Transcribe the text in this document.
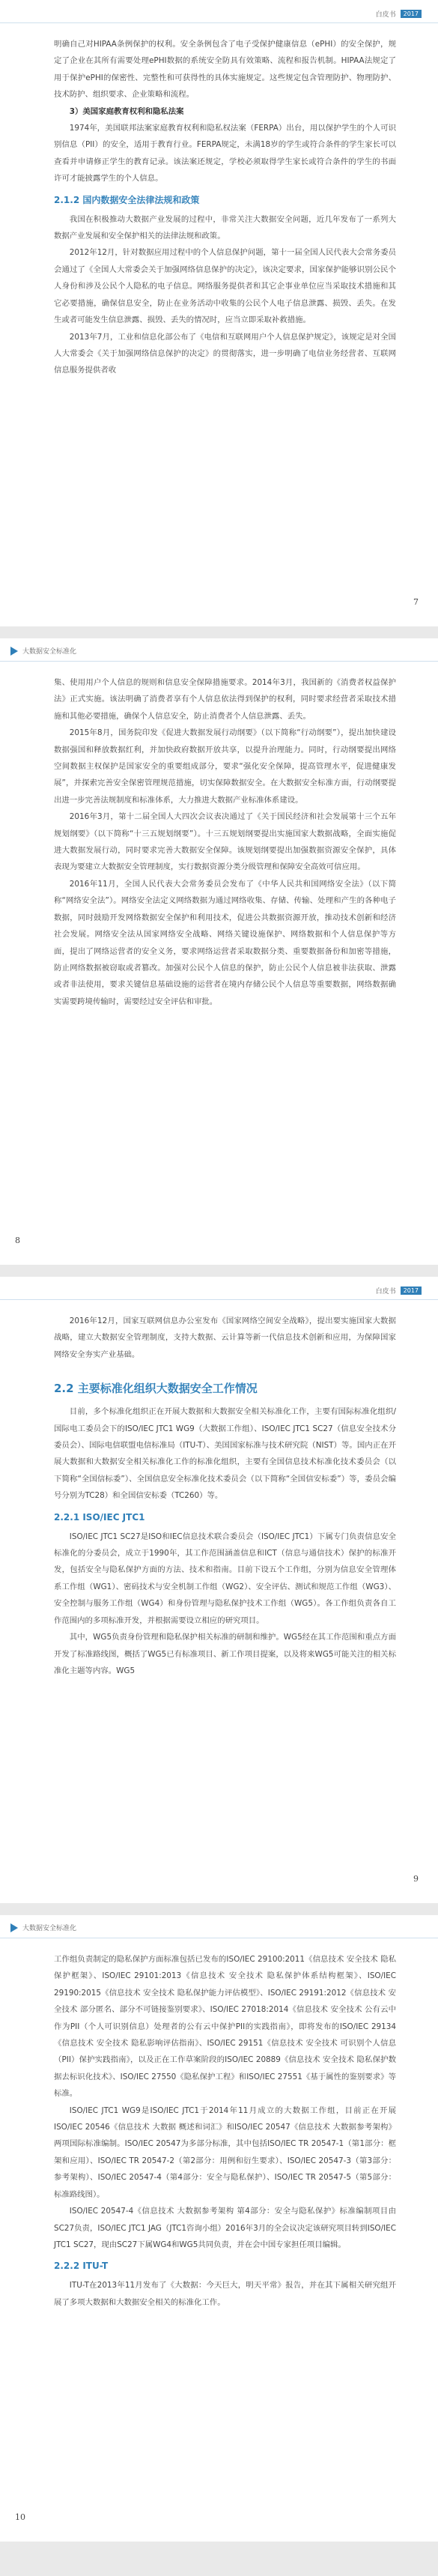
白皮书	2017

明确自己对HIPAA条例保护的权利。安全条例包含了电子受保护健康信息（ePHI）的安全保护，规定了企业在其所有需要处理ePHI数据的系统安全防具有效策略、流程和报告机制。HIPAA法规定了用于保护ePHI的保密性、完整性和可获得性的具体实施规定。这些规定包含管理防护、物理防护、技术防护、组织要求、企业策略和流程。

3）美国家庭教育权利和隐私法案

1974年，美国联邦法案家庭教育权利和隐私权法案（FERPA）出台，用以保护学生的个人可识别信息（PII）的安全，适用于教育行业。FERPA规定，未满18岁的学生或符合条件的学生家长可以查看并申请修正学生的教育记录。该法案还规定，学校必须取得学生家长或符合条件的学生的书面许可才能披露学生的个人信息。

2.1.2 国内数据安全法律法规和政策

我国在积极推动大数据产业发展的过程中，非常关注大数据安全问题，近几年发布了一系列大数据产业发展和安全保护相关的法律法规和政策。

2012年12月，针对数据应用过程中的个人信息保护问题，第十一届全国人民代表大会常务委员会通过了《全国人大常委会关于加强网络信息保护的决定》，该决定要求，国家保护能够识别公民个人身份和涉及公民个人隐私的电子信息。网络服务提供者和其它企事业单位应当采取技术措施和其它必要措施，确保信息安全，防止在业务活动中收集的公民个人电子信息泄露、损毁、丢失。在发生或者可能发生信息泄露、损毁、丢失的情况时，应当立即采取补救措施。

2013年7月，工业和信息化部公布了《电信和互联网用户个人信息保护规定》，该规定是对全国人大常委会《关于加强网络信息保护的决定》的贯彻落实，进一步明确了电信业务经营者、互联网信息服务提供者收

7
大数据安全标准化

集、使用用户个人信息的规则和信息安全保障措施要求。2014年3月，我国新的《消费者权益保护法》正式实施。该法明确了消费者享有个人信息依法得到保护的权利，同时要求经营者采取技术措施和其他必要措施，确保个人信息安全，防止消费者个人信息泄露、丢失。

2015年8月，国务院印发《促进大数据发展行动纲要》（以下简称“行动纲要”），提出加快建设数据强国和释放数据红利，并加快政府数据开放共享，以提升治理能力。同时，行动纲要提出网络空间数据主权保护是国家安全的重要组成部分，要求“强化安全保障，提高管理水平，促进健康发展”，并探索完善安全保密管理规范措施，切实保障数据安全。在大数据安全标准方面，行动纲要提出进一步完善法规制度和标准体系，大力推进大数据产业标准体系建设。

2016年3月，第十二届全国人大四次会议表决通过了《关于国民经济和社会发展第十三个五年规划纲要》（以下简称“十三五规划纲要”）。十三五规划纲要提出实施国家大数据战略，全面实施促进大数据发展行动，同时要求完善大数据安全保障。该规划纲要提出加强数据资源安全保护，具体表现为要建立大数据安全管理制度，实行数据资源分类分级管理和保障安全高效可信应用。

2016年11月，全国人民代表大会常务委员会发布了《中华人民共和国网络安全法》（以下简称“网络安全法”）。网络安全法定义网络数据为通过网络收集、存储、传输、处理和产生的各种电子数据，同时鼓励开发网络数据安全保护和利用技术，促进公共数据资源开放，推动技术创新和经济社会发展。网络安全法从国家网络安全战略、网络关键设施保护、网络数据和个人信息保护等方面，提出了网络运营者的安全义务，要求网络运营者采取数据分类、重要数据备份和加密等措施，防止网络数据被窃取或者篡改。加强对公民个人信息的保护，防止公民个人信息被非法获取、泄露或者非法使用，要求关键信息基础设施的运营者在境内存储公民个人信息等重要数据，网络数据确实需要跨境传输时，需要经过安全评估和审批。

8
白皮书	2017

2016年12月，国家互联网信息办公室发布《国家网络空间安全战略》，提出要实施国家大数据战略，建立大数据安全管理制度，支持大数据、云计算等新一代信息技术创新和应用，为保障国家网络安全夯实产业基础。

2.2 主要标准化组织大数据安全工作情况

目前，多个标准化组织正在开展大数据和大数据安全相关标准化工作，主要有国际标准化组织/国际电工委员会下的ISO/IEC JTC1 WG9（大数据工作组）、ISO/IEC JTC1 SC27（信息安全技术分委员会）、国际电信联盟电信标准局（ITU-T）、美国国家标准与技术研究院（NIST）等。国内正在开展大数据和大数据安全相关标准化工作的标准化组织，主要有全国信息技术标准化技术委员会（以下简称“全国信标委”）、全国信息安全标准化技术委员会（以下简称“全国信安标委”）等，委员会编号分别为TC28）和全国信安标委（TC260）等。

2.2.1 ISO/IEC JTC1

ISO/IEC JTC1 SC27是ISO和IEC信息技术联合委员会（ISO/IEC JTC1）下属专门负责信息安全标准化的分委员会，成立于1990年，其工作范围涵盖信息和ICT（信息与通信技术）保护的标准开发，包括安全与隐私保护方面的方法、技术和指南。目前下设五个工作组，分别为信息安全管理体系工作组（WG1）、密码技术与安全机制工作组（WG2）、安全评估、测试和规范工作组（WG3）、安全控制与服务工作组（WG4）和身份管理与隐私保护技术工作组（WG5）。各工作组负责各自工作范围内的多项标准开发，并根据需要设立相应的研究项目。

其中，WG5负责身份管理和隐私保护相关标准的研制和维护。WG5经在其工作范围和重点方面开发了标准路线图，概括了WG5已有标准项目、新工作项目提案，以及将来WG5可能关注的相关标准化主题等内容。WG5

9
大数据安全标准化

工作组负责制定的隐私保护方面标准包括已发布的ISO/IEC 29100:2011《信息技术 安全技术 隐私保护框架》、ISO/IEC 29101:2013《信息技术 安全技术 隐私保护体系结构框架》、ISO/IEC 29190:2015《信息技术 安全技术 隐私保护能力评估模型》、ISO/IEC 29191:2012《信息技术 安全技术 部分匿名、部分不可链接鉴别要求》、ISO/IEC 27018:2014《信息技术 安全技术 公有云中作为PII（个人可识别信息）处理者的公有云中保护PII的实践指南》，即将发布的ISO/IEC 29134《信息技术 安全技术 隐私影响评估指南》、ISO/IEC 29151《信息技术 安全技术 可识别个人信息（PII）保护实践指南》，以及正在工作草案阶段的ISO/IEC 20889《信息技术 安全技术 隐私保护数据去标识化技术》、ISO/IEC 27550《隐私保护工程》和ISO/IEC 27551《基于属性的鉴别要求》等标准。

ISO/IEC JTC1 WG9是ISO/IEC JTC1于2014年11月成立的大数据工作组，目前正在开展ISO/IEC 20546《信息技术 大数据 概述和词汇》和ISO/IEC 20547《信息技术 大数据参考架构》两项国际标准编制。ISO/IEC 20547为多部分标准，其中包括ISO/IEC TR 20547-1（第1部分：框架和应用）、ISO/IEC TR 20547-2（第2部分：用例和衍生要求）、ISO/IEC 20547-3（第3部分：参考架构）、ISO/IEC 20547-4（第4部分：安全与隐私保护）、ISO/IEC TR 20547-5（第5部分：标准路线图）。

ISO/IEC 20547-4《信息技术 大数据参考架构 第4部分：安全与隐私保护》标准编制项目由SC27负责，ISO/IEC JTC1 JAG（JTC1咨询小组）2016年3月的全会议决定该研究项目转到ISO/IEC JTC1 SC27，现由SC27下属WG4和WG5共同负责，并在会中国专家担任项目编辑。

2.2.2 ITU-T

ITU-T在2013年11月发布了《大数据：今天巨大，明天平常》报告，并在其下属相关研究组开展了多项大数据和大数据安全相关的标准化工作。

10
